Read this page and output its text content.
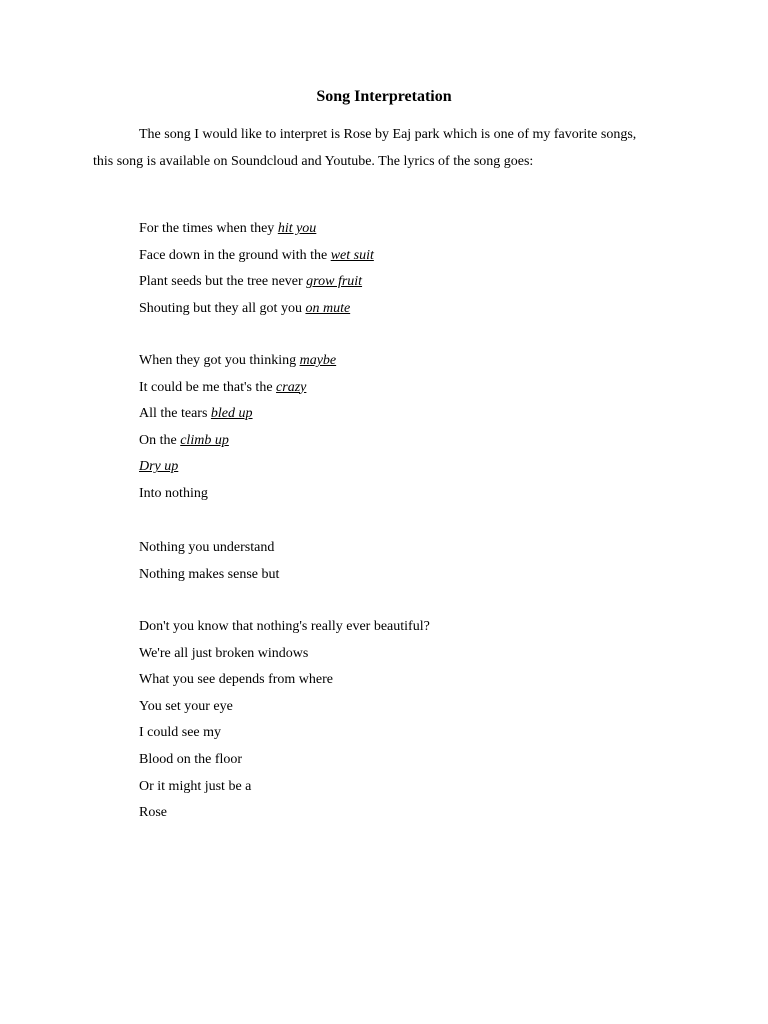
Song Interpretation
The song I would like to interpret is Rose by Eaj park which is one of my favorite songs,
this song is available on Soundcloud and Youtube. The lyrics of the song goes:
For the times when they hit you
Face down in the ground with the wet suit
Plant seeds but the tree never grow fruit
Shouting but they all got you on mute
When they got you thinking maybe
It could be me that's the crazy
All the tears bled up
On the climb up
Dry up
Into nothing
Nothing you understand
Nothing makes sense but
Don't you know that nothing's really ever beautiful?
We're all just broken windows
What you see depends from where
You set your eye
I could see my
Blood on the floor
Or it might just be a
Rose
